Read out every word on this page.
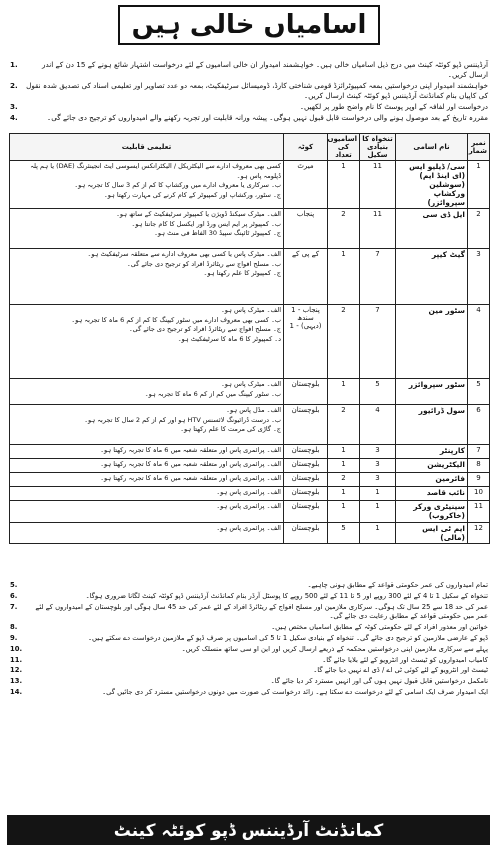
اسامیاں خالی ہیں
آرڈیننس ڈپو کوئٹہ کینٹ میں درج ذیل اسامیاں خالی ہیں۔ خواہشمند امیدوار ان خالی اسامیوں کے لئے درخواست اشتہار شائع ہونے کے 15 دن کے اندر ارسال کریں۔
1.
خواہشمند امیدوار اپنی درخواستیں بمعہ کمپیوٹرائزڈ قومی شناختی کارڈ، ڈومیسائل سرٹیفکیٹ، بمعہ دو عدد تصاویر اور تعلیمی اسناد کی تصدیق شدہ نقول کی کاپیاں بنام کمانڈنٹ آرڈیننس ڈپو کوئٹہ کینٹ ارسال کریں۔
2.
درخواست اور لفافہ کے اوپر پوسٹ کا نام واضح طور پر لکھیں۔
3.
مقررہ تاریخ کے بعد موصول ہونے والی درخواست قابل قبول نہیں ہوگی۔ پیشہ ورانہ قابلیت اور تجربہ رکھنے والے امیدواروں کو ترجیح دی جائے گی۔
4.
نمبر شمار	نام اسامی	تنخواہ کا بنیادی سکیل	اسامیوں کی تعداد	کوٹہ	تعلیمی قابلیت
1	سی/ ڈیلیو ایس (ای اینڈ ایم) (سوشلین ورکشاپ سپروائزر)	11	1	میرٹ	کسی بھی معروف ادارے سے الیکٹریکل / الیکٹرانکس ایسوسی ایٹ انجینئرنگ (DAE) یا ہم پلہ ڈپلومہ پاس ہو۔
ب۔ سرکاری یا معروف ادارے میں ورکشاپ کا کم از کم 3 سال کا تجربہ ہو۔
ج۔ سٹور، ورکشاپ اور کمپیوٹر کے کام کرنے کی مہارت رکھتا ہو۔

2	ایل ڈی سی	11	2	پنجاب	الف۔ میٹرک سیکنڈ ڈویژن یا کمپیوٹر سرٹیفکیٹ کے ساتھ ہو۔
ب۔ کمپیوٹر پر ایم ایس ورڈ اور ایکسل کا کام جانتا ہو۔
ج۔ کمپیوٹر ٹائپنگ سپیڈ 30 الفاظ فی منٹ ہو۔

3	گیٹ کیپر	7	1	کے پی کے	الف۔ میٹرک پاس یا کسی بھی معروف ادارے سے متعلقہ سرٹیفکیٹ ہو۔
ب۔ مسلح افواج سے ریٹائرڈ افراد کو ترجیح دی جائے گی۔
ج۔ کمپیوٹر کا علم رکھتا ہو۔

4	سٹور مین	7	2	پنجاب - 1 سندھ (دیہی) - 1	الف۔ میٹرک پاس ہو۔
ب۔ کسی بھی معروف ادارے میں سٹور کیپنگ کا کم از کم 6 ماہ کا تجربہ ہو۔
ج۔ مسلح افواج سے ریٹائرڈ افراد کو ترجیح دی جائے گی۔
د۔ کمپیوٹر کا 6 ماہ کا سرٹیفکیٹ ہو۔

5	سٹور سپروائزر	5	1	بلوچستان	الف۔ میٹرک پاس ہو۔
ب۔ سٹور کیپنگ میں کم از کم 6 ماہ کا تجربہ ہو۔

6	سول ڈرائیور	4	2	بلوچستان	الف۔ مڈل پاس ہو۔
ب۔ درست ڈرائیونگ لائسنس HTV ہو اور کم از کم 2 سال کا تجربہ ہو۔
ج۔ گاڑی کی مرمت کا علم رکھتا ہو۔

7	کارپنٹر	3	1	بلوچستان	الف۔ پرائمری پاس اور متعلقہ شعبہ میں 6 ماہ کا تجربہ رکھتا ہو۔

8	الیکٹریشن	3	1	بلوچستان	الف۔ پرائمری پاس اور متعلقہ شعبہ میں 6 ماہ کا تجربہ رکھتا ہو۔

9	فائرمین	3	2	بلوچستان	الف۔ پرائمری پاس اور متعلقہ شعبہ میں 6 ماہ کا تجربہ رکھتا ہو۔

10	نائب قاصد	1	1	بلوچستان	الف۔ پرائمری پاس ہو۔

11	سینیٹری ورکر (خاکروب)	1	1	بلوچستان	الف۔ پرائمری پاس ہو۔

12	ایم ٹی ایس (مالی)	1	5	بلوچستان	الف۔ پرائمری پاس ہو۔
تمام امیدواروں کی عمر حکومتی قواعد کے مطابق ہونی چاہیے۔
5.
تنخواہ کے سکیل 1 تا 4 کے لئے 300 روپے اور 5 تا 11 کے لئے 500 روپے کا پوسٹل آرڈر بنام کمانڈنٹ آرڈیننس ڈپو کوئٹہ کینٹ لگانا ضروری ہوگا۔
6.
عمر کی حد 18 سے 25 سال تک ہوگی۔ سرکاری ملازمین اور مسلح افواج کے ریٹائرڈ افراد کے لئے عمر کی حد 45 سال ہوگی اور بلوچستان کے امیدواروں کے لئے عمر میں حکومتی قواعد کے مطابق رعایت دی جائے گی۔
7.
خواتین اور معذور افراد کے لئے حکومتی کوٹہ کے مطابق اسامیاں مختص ہیں۔
8.
ڈپو کے عارضی ملازمین کو ترجیح دی جائے گی۔ تنخواہ کے بنیادی سکیل 1 تا 5 کی اسامیوں پر صرف ڈپو کے ملازمین درخواست دے سکتے ہیں۔
9.
پہلے سے سرکاری ملازمین اپنی درخواستیں محکمہ کے ذریعے ارسال کریں اور این او سی ساتھ منسلک کریں۔
10.
کامیاب امیدواروں کو ٹیسٹ اور انٹرویو کے لئے بلایا جائے گا۔
11.
ٹیسٹ اور انٹرویو کے لئے کوئی ٹی اے / ڈی اے نہیں دیا جائے گا۔
12.
نامکمل درخواستیں قابل قبول نہیں ہوں گی اور انہیں مسترد کر دیا جائے گا۔
13.
ایک امیدوار صرف ایک اسامی کے لئے درخواست دے سکتا ہے۔ زائد درخواست کی صورت میں دونوں درخواستیں مسترد کر دی جائیں گی۔
14.
کمانڈنٹ آرڈیننس ڈپو کوئٹہ کینٹ
